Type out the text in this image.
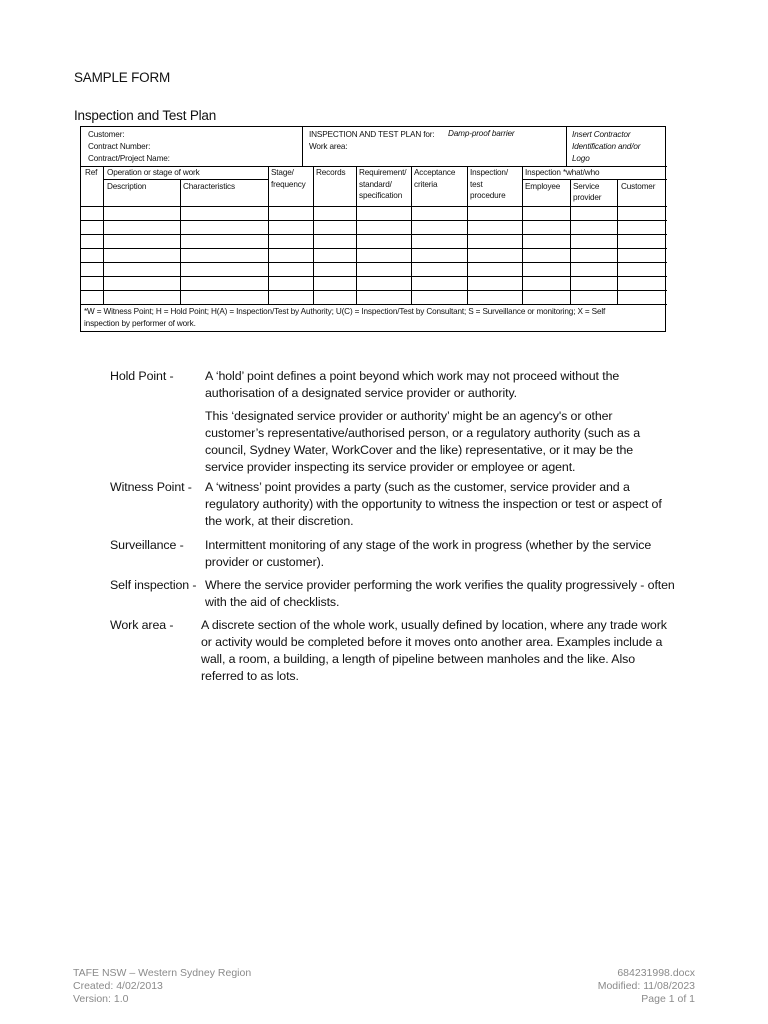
SAMPLE FORM
Inspection and Test Plan
Customer:
Contract Number:
Contract/Project Name:
INSPECTION AND TEST PLAN for: Damp-proof barrier
Work area:
Insert Contractor
Identification and/or
Logo
Ref Operation or stage of work
Description	Characteristics
Stage/
frequency
Records Requirement/
standard/
specification
Acceptance
criteria
Inspection/
test
procedure
Inspection *what/who
Employee Service
provider
Customer
*W = Witness Point; H = Hold Point; H(A) = Inspection/Test by Authority; U(C) = Inspection/Test by Consultant; S = Surveillance or monitoring; X = Self
inspection by performer of work.
Hold Point -	A ‘hold’ point defines a point beyond which work may not proceed without the
authorisation of a designated service provider or authority.
This ‘designated service provider or authority’ might be an agency's or other
customer’s representative/authorised person, or a regulatory authority (such as a
council, Sydney Water, WorkCover and the like) representative, or it may be the
service provider inspecting its service provider or employee or agent.
Witness Point - A ‘witness’ point provides a party (such as the customer, service provider and a
regulatory authority) with the opportunity to witness the inspection or test or aspect of
the work, at their discretion.
Surveillance - Intermittent monitoring of any stage of the work in progress (whether by the service
provider or customer).
Self inspection - Where the service provider performing the work verifies the quality progressively - often
with the aid of checklists.
Work area - A discrete section of the whole work, usually defined by location, where any trade work
or activity would be completed before it moves onto another area. Examples include a
wall, a room, a building, a length of pipeline between manholes and the like. Also
referred to as lots.
TAFE NSW – Western Sydney Region
Created: 4/02/2013
Version: 1.0
684231998.docx
Modified: 11/08/2023
Page 1 of 1
